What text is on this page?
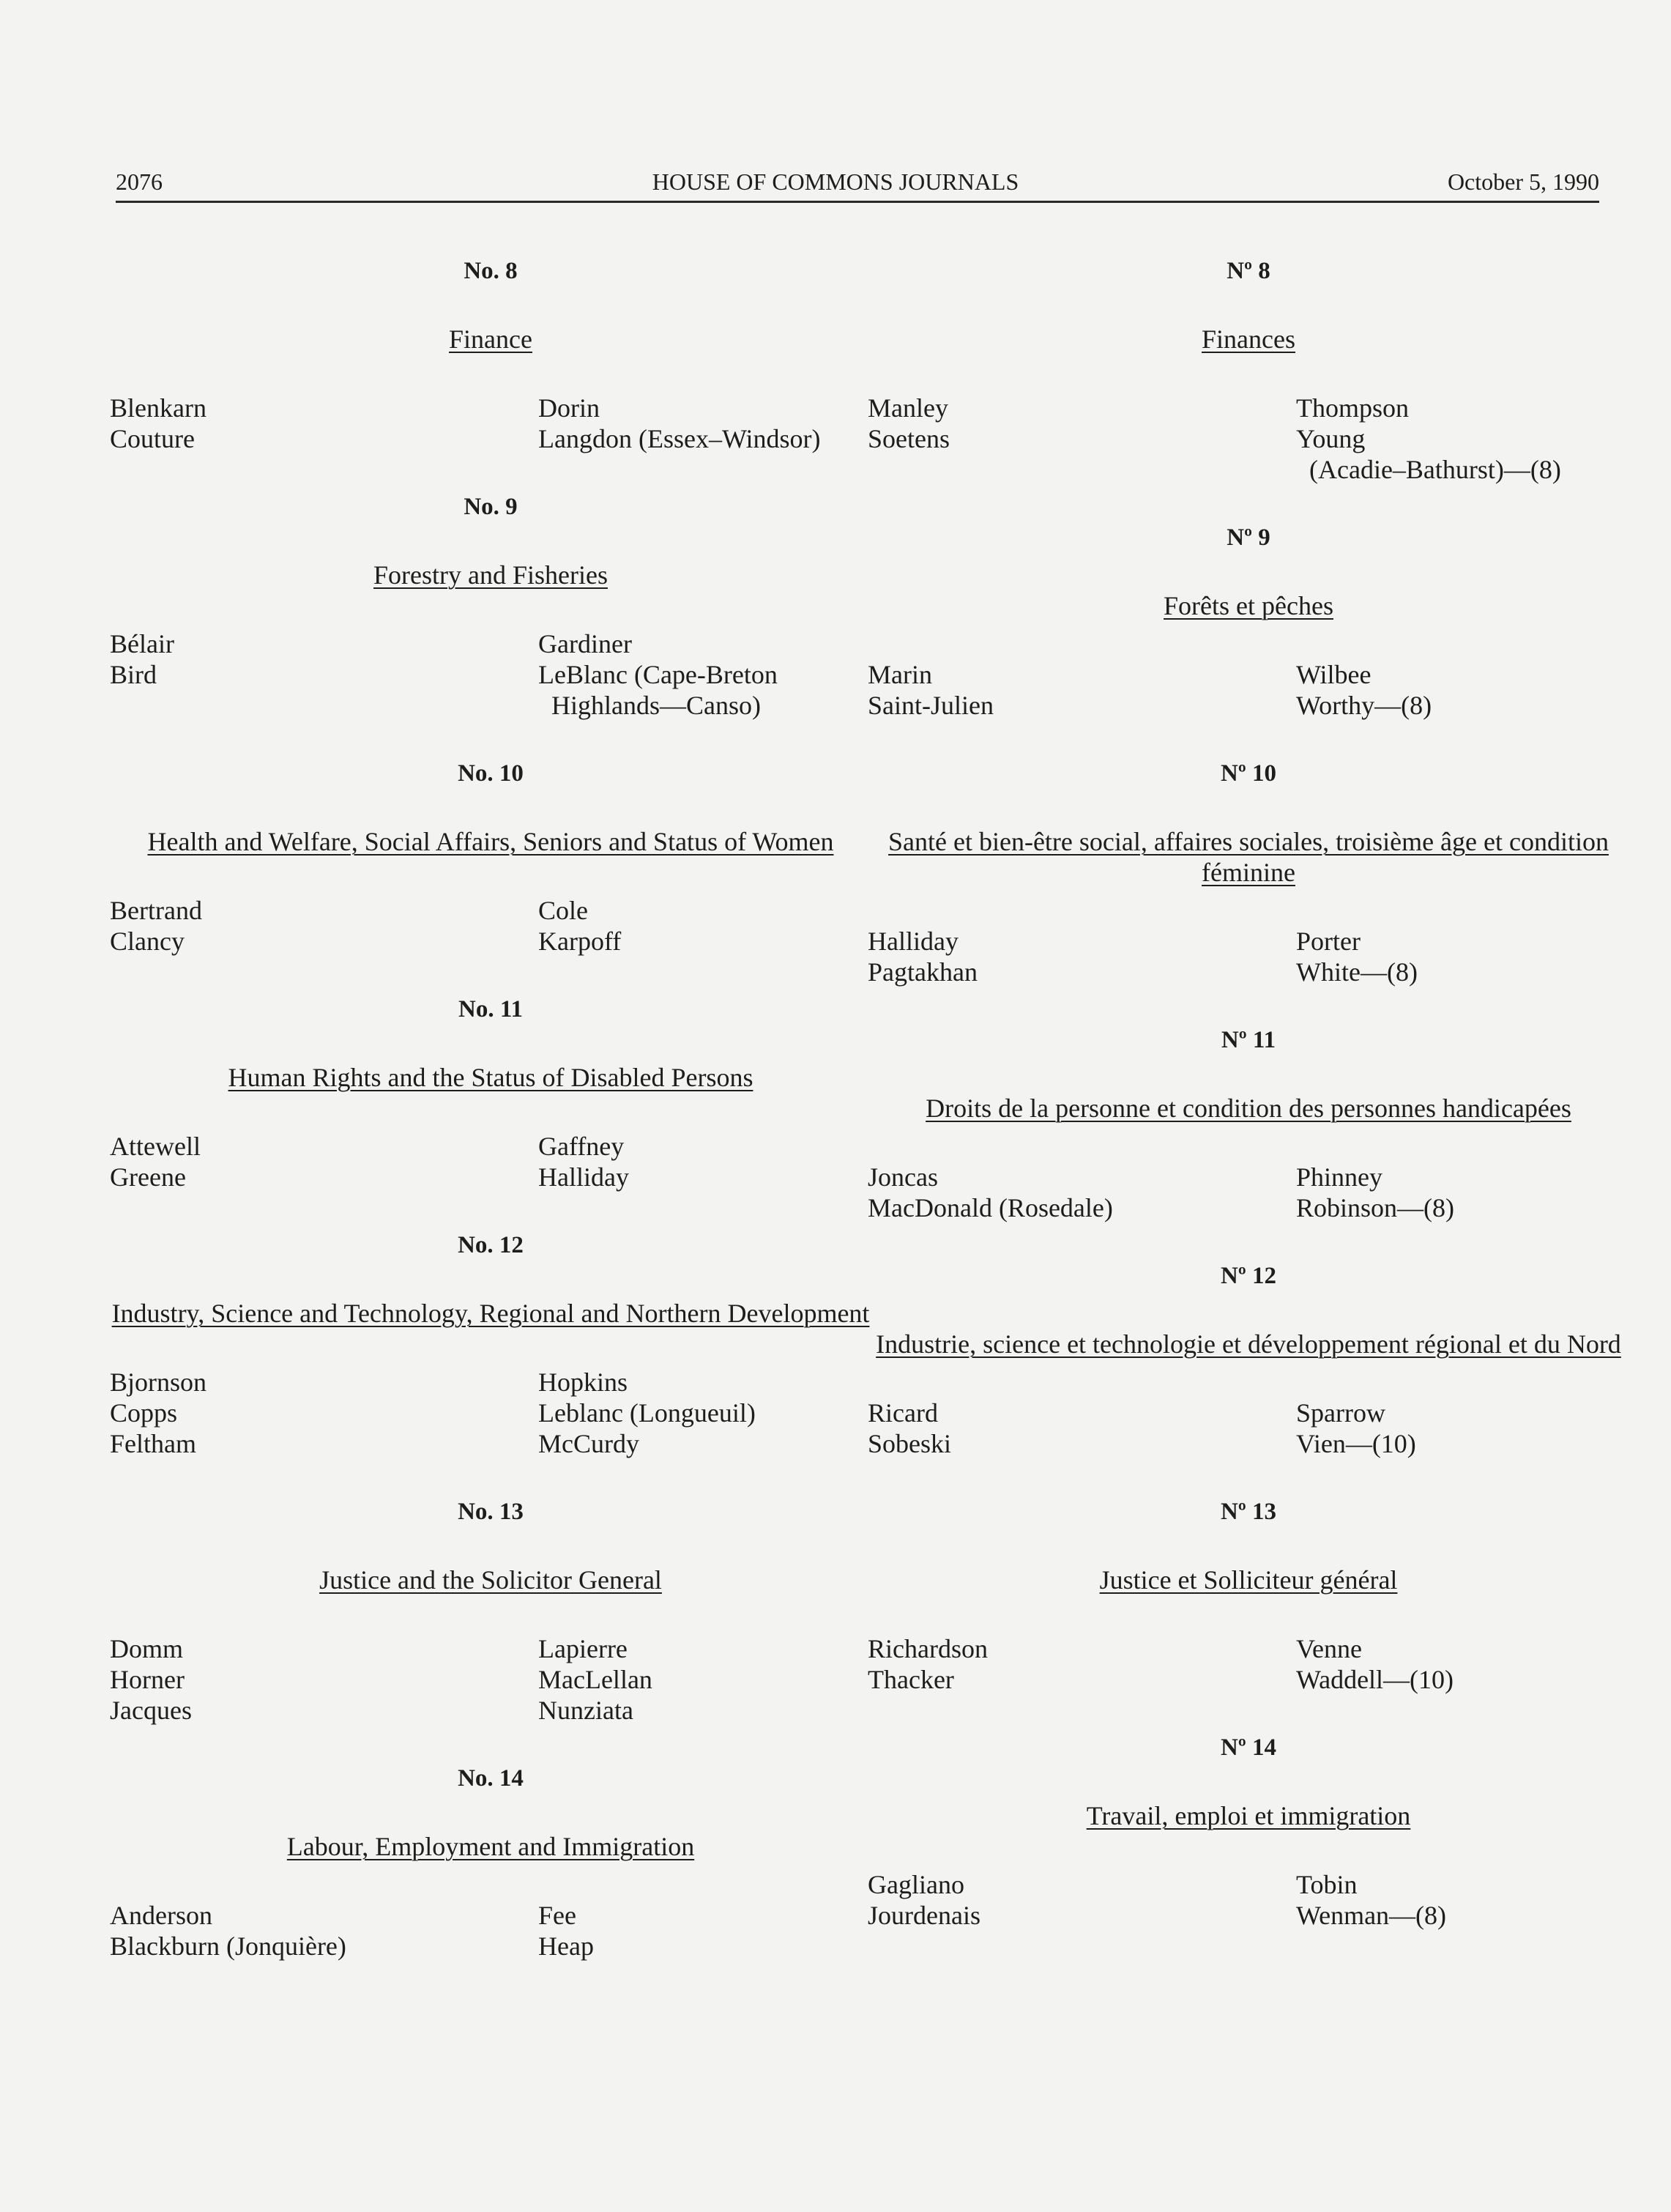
2076	HOUSE OF COMMONS JOURNALS	October 5, 1990
No. 8
Finance
Blenkarn
Couture
Dorin
Langdon (Essex–Windsor)
No. 9
Forestry and Fisheries
Bélair
Bird
Gardiner
LeBlanc (Cape-Breton
Highlands—Canso)
No. 10
Health and Welfare, Social Affairs, Seniors and Status of Women
Bertrand
Clancy
Cole
Karpoff
No. 11
Human Rights and the Status of Disabled Persons
Attewell
Greene
Gaffney
Halliday
No. 12
Industry, Science and Technology, Regional and Northern Development
Bjornson
Copps
Feltham
Hopkins
Leblanc (Longueuil)
McCurdy
No. 13
Justice and the Solicitor General
Domm
Horner
Jacques
Lapierre
MacLellan
Nunziata
No. 14
Labour, Employment and Immigration
Anderson
Blackburn (Jonquière)
Fee
Heap
Nº 8
Finances
Manley
Soetens
Thompson
Young
(Acadie–Bathurst)—(8)
Nº 9
Forêts et pêches
Marin
Saint-Julien
Wilbee
Worthy—(8)
Nº 10
Santé et bien-être social, affaires sociales, troisième âge et condition féminine
Halliday
Pagtakhan
Porter
White—(8)
Nº 11
Droits de la personne et condition des personnes handicapées
Joncas
MacDonald (Rosedale)
Phinney
Robinson—(8)
Nº 12
Industrie, science et technologie et développement régional et du Nord
Ricard
Sobeski
Sparrow
Vien—(10)
Nº 13
Justice et Solliciteur général
Richardson
Thacker
Venne
Waddell—(10)
Nº 14
Travail, emploi et immigration
Gagliano
Jourdenais
Tobin
Wenman—(8)
